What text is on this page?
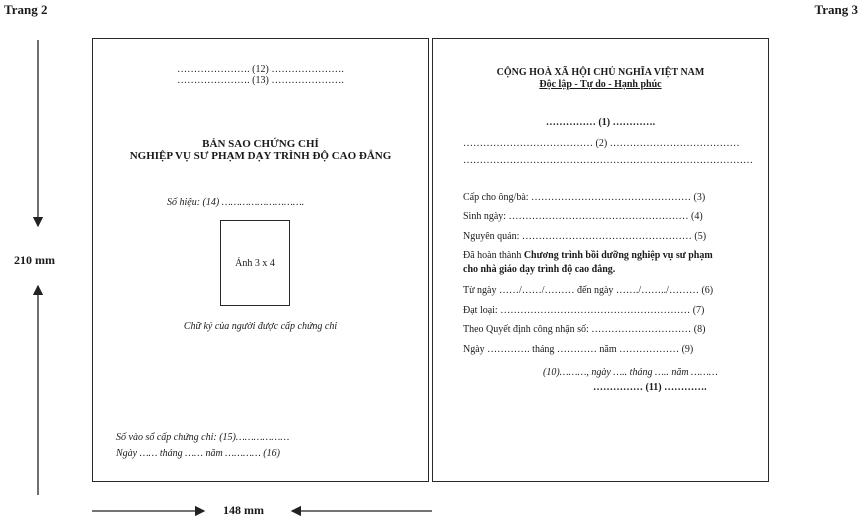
Trang 2	Trang 3
210 mm
148 mm
…………………. (12) ………………….
…………………. (13) ………………….
BẢN SAO CHỨNG CHỈ
NGHIỆP VỤ SƯ PHẠM DẠY TRÌNH ĐỘ CAO ĐẲNG
Số hiệu: (14) ……………………….
Ảnh 3 x 4
Chữ ký của người được cấp chứng chỉ
Số vào sổ cấp chứng chỉ: (15)………………
Ngày …… tháng …… năm ………… (16)
CỘNG HOÀ XÃ HỘI CHỦ NGHĨA VIỆT NAM
Độc lập - Tự do - Hạnh phúc
…………… (1) ………….
………………………………… (2) …………………………………
……………………………………………………………………………
Cấp cho ông/bà: ………………………………………… (3)
Sinh ngày: ……………………………………………… (4)
Nguyên quán: …………………………………………… (5)
Đã hoàn thành Chương trình bồi dưỡng nghiệp vụ sư phạm
cho nhà giáo dạy trình độ cao đẳng.
Từ ngày ……/……/……… đến ngày ……./……../……… (6)
Đạt loại: ………………………………………………… (7)
Theo Quyết định công nhận số: ………………………… (8)
Ngày …………. tháng ………… năm ……………… (9)
(10)………, ngày ….. tháng ….. năm ………
…………… (11) ………….
